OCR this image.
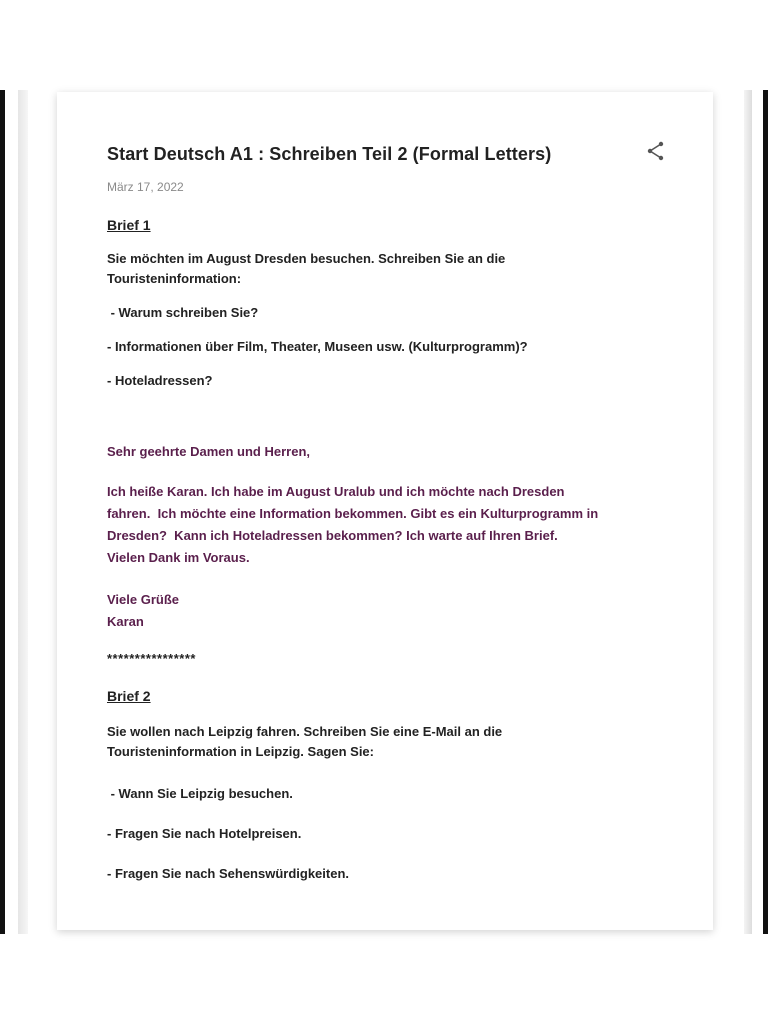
Start Deutsch A1 : Schreiben Teil 2 (Formal Letters)
März 17, 2022
Brief 1
Sie möchten im August Dresden besuchen. Schreiben Sie an die
Touristeninformation:
- Warum schreiben Sie?
- Informationen über Film, Theater, Museen usw. (Kulturprogramm)?
- Hoteladressen?
Sehr geehrte Damen und Herren,
Ich heiße Karan. Ich habe im August Uralub und ich möchte nach Dresden
fahren.  Ich möchte eine Information bekommen. Gibt es ein Kulturprogramm in
Dresden?  Kann ich Hoteladressen bekommen? Ich warte auf Ihren Brief.
Vielen Dank im Voraus.
Viele Grüße
Karan
****************
Brief 2
Sie wollen nach Leipzig fahren. Schreiben Sie eine E-Mail an die
Touristeninformation in Leipzig. Sagen Sie:
- Wann Sie Leipzig besuchen.
- Fragen Sie nach Hotelpreisen.
- Fragen Sie nach Sehenswürdigkeiten.
